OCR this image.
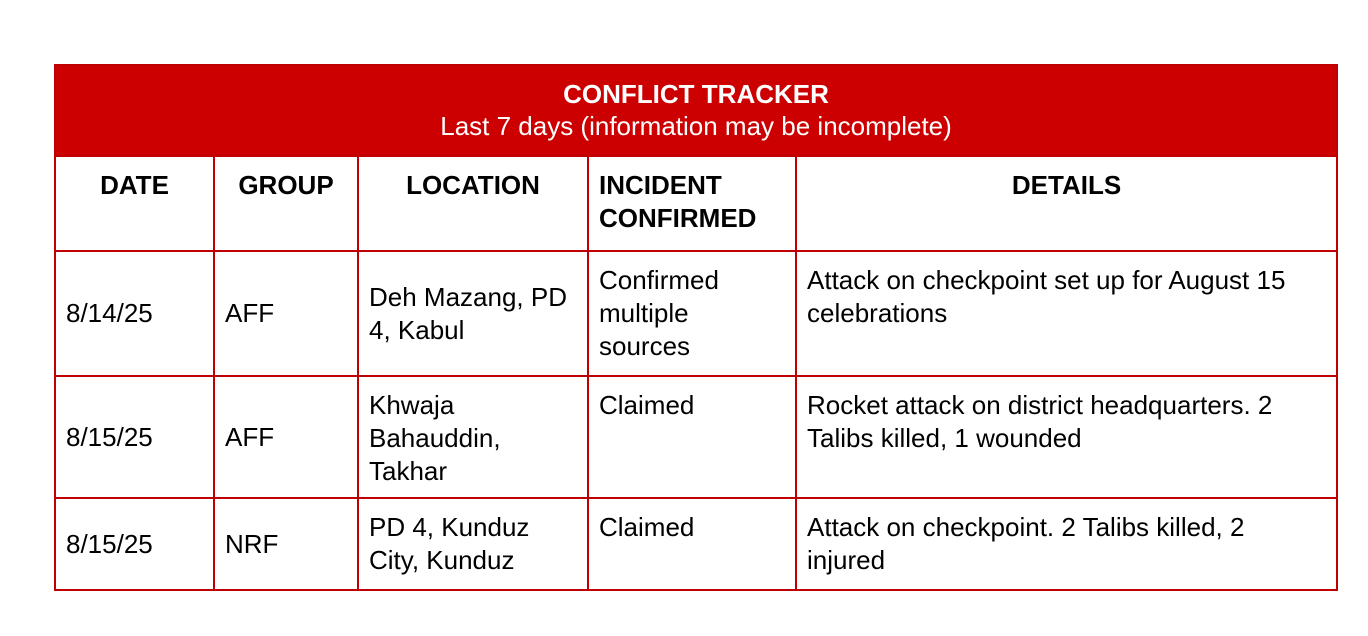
CONFLICT TRACKER
Last 7 days (information may be incomplete)				

DATE	GROUP	LOCATION	INCIDENT CONFIRMED	DETAILS
8/14/25	AFF	Deh Mazang, PD 4, Kabul	Confirmed multiple sources	Attack on checkpoint set up for August 15 celebrations
8/15/25	AFF	Khwaja Bahauddin, Takhar	Claimed	Rocket attack on district headquarters. 2 Talibs killed, 1 wounded
8/15/25	NRF	PD 4, Kunduz City, Kunduz	Claimed	Attack on checkpoint. 2 Talibs killed, 2 injured
